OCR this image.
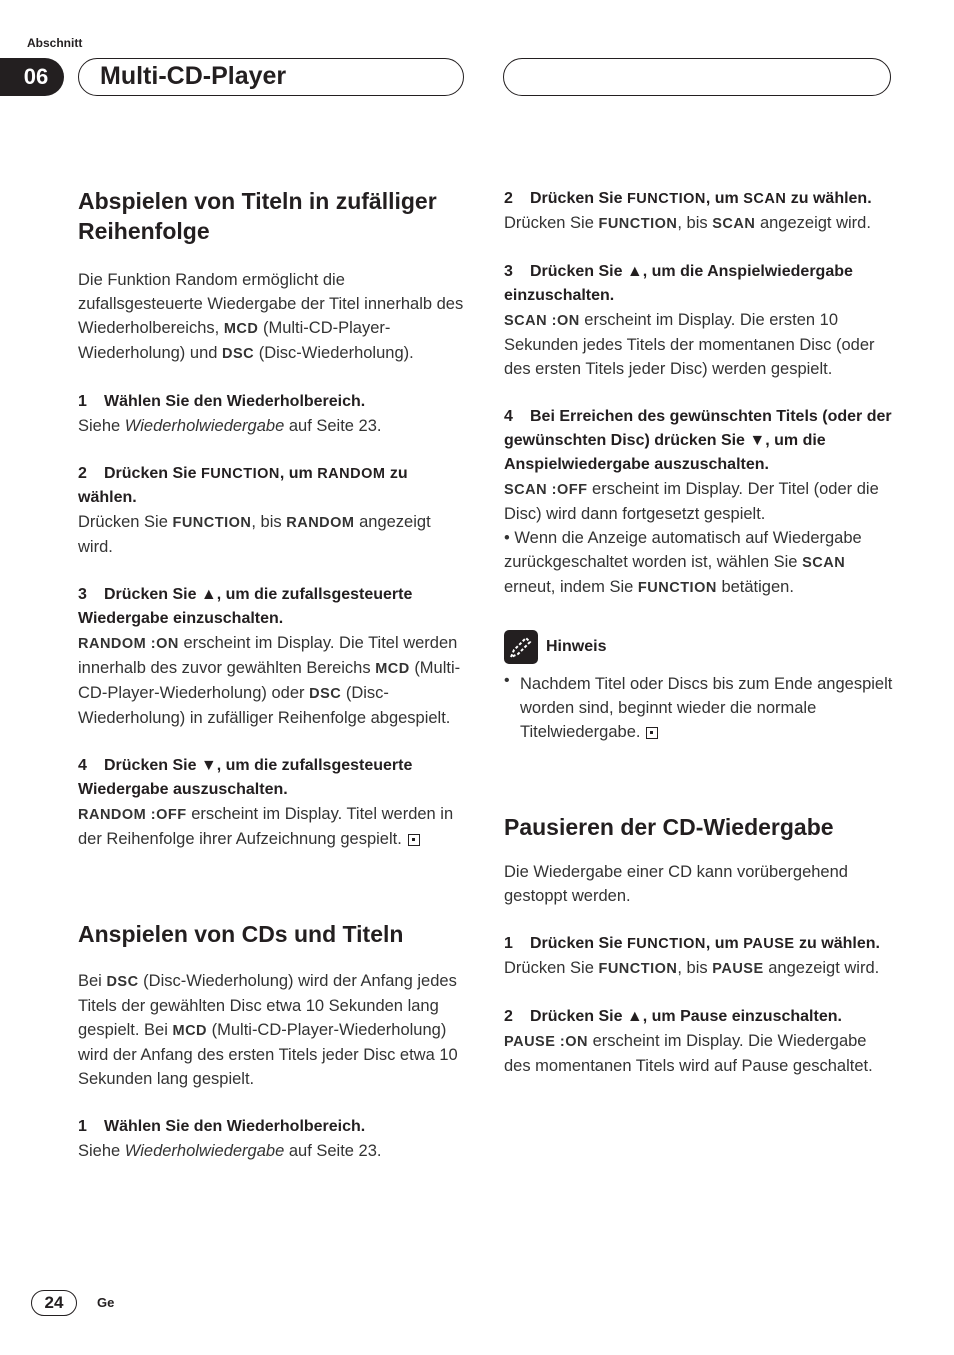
Abschnitt
06	Multi-CD-Player
Abspielen von Titeln in zufälliger Reihenfolge

Die Funktion Random ermöglicht die zufallsgesteuerte Wiedergabe der Titel innerhalb des Wiederholbereichs, MCD (Multi-CD-Player-Wiederholung) und DSC (Disc-Wiederholung).

1 Wählen Sie den Wiederholbereich.

Siehe Wiederholwiedergabe auf Seite 23.

2 Drücken Sie FUNCTION, um RANDOM zu wählen.

Drücken Sie FUNCTION, bis RANDOM angezeigt wird.

3 Drücken Sie ▲, um die zufallsgesteuerte Wiedergabe einzuschalten.

RANDOM :ON erscheint im Display. Die Titel werden innerhalb des zuvor gewählten Bereichs MCD (Multi-CD-Player-Wiederholung) oder DSC (Disc-Wiederholung) in zufälliger Reihenfolge abgespielt.

4 Drücken Sie ▼, um die zufallsgesteuerte Wiedergabe auszuschalten.

RANDOM :OFF erscheint im Display. Titel werden in der Reihenfolge ihrer Aufzeichnung gespielt.

Anspielen von CDs und Titeln

Bei DSC (Disc-Wiederholung) wird der Anfang jedes Titels der gewählten Disc etwa 10 Sekunden lang gespielt. Bei MCD (Multi-CD-Player-Wiederholung) wird der Anfang des ersten Titels jeder Disc etwa 10 Sekunden lang gespielt.

1 Wählen Sie den Wiederholbereich.

Siehe Wiederholwiedergabe auf Seite 23.

2 Drücken Sie FUNCTION, um SCAN zu wählen.

Drücken Sie FUNCTION, bis SCAN angezeigt wird.

3 Drücken Sie ▲, um die Anspielwiedergabe einzuschalten.

SCAN :ON erscheint im Display. Die ersten 10 Sekunden jedes Titels der momentanen Disc (oder des ersten Titels jeder Disc) werden gespielt.

4 Bei Erreichen des gewünschten Titels (oder der gewünschten Disc) drücken Sie ▼, um die Anspielwiedergabe auszuschalten.

SCAN :OFF erscheint im Display. Der Titel (oder die Disc) wird dann fortgesetzt gespielt.

• Wenn die Anzeige automatisch auf Wiedergabe zurückgeschaltet worden ist, wählen Sie SCAN erneut, indem Sie FUNCTION betätigen.

Hinweis
• Nachdem Titel oder Discs bis zum Ende angespielt worden sind, beginnt wieder die normale Titelwiedergabe.

Pausieren der CD-Wiedergabe

Die Wiedergabe einer CD kann vorübergehend gestoppt werden.

1 Drücken Sie FUNCTION, um PAUSE zu wählen.

Drücken Sie FUNCTION, bis PAUSE angezeigt wird.

2 Drücken Sie ▲, um Pause einzuschalten.

PAUSE :ON erscheint im Display. Die Wiedergabe des momentanen Titels wird auf Pause geschaltet.

24	Ge
